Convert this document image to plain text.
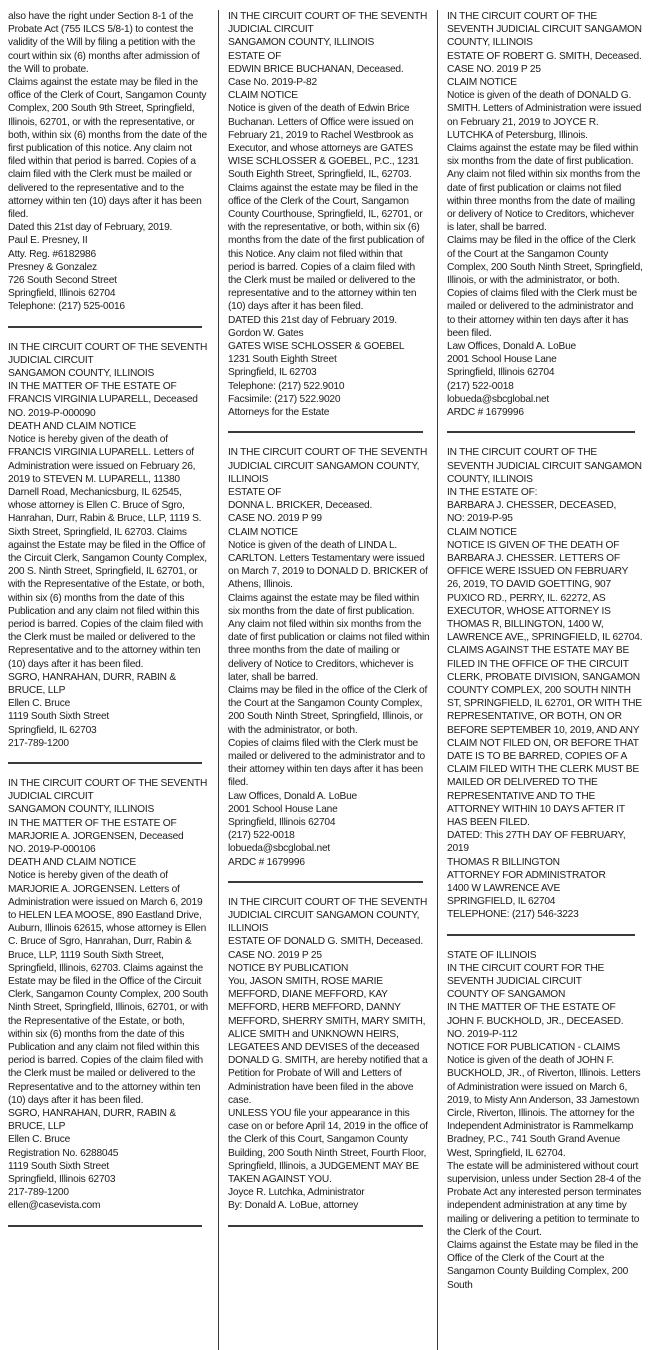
also have the right under Section 8-1 of the Probate Act (755 ILCS 5/8-1) to contest the validity of the Will by filing a petition with the court within six (6) months after admission of the Will to probate.

Claims against the estate may be filed in the office of the Clerk of Court, Sangamon County Complex, 200 South 9th Street, Springfield, Illinois, 62701, or with the representative, or both, within six (6) months from the date of the first publication of this notice. Any claim not filed within that period is barred. Copies of a claim filed with the Clerk must be mailed or delivered to the representative and to the attorney within ten (10) days after it has been filed.

Dated this 21st day of February, 2019.

Paul E. Presney, II

Atty. Reg. #6182986

Presney & Gonzalez

726 South Second Street

Springfield, Illinois 62704

Telephone: (217) 525-0016

IN THE CIRCUIT COURT OF THE SEVENTH JUDICIAL CIRCUIT

SANGAMON COUNTY, ILLINOIS

IN THE MATTER OF THE ESTATE OF

FRANCIS VIRGINIA LUPARELL, Deceased

NO. 2019-P-000090

DEATH AND CLAIM NOTICE

Notice is hereby given of the death of FRANCIS VIRGINIA LUPARELL. Letters of Administration were issued on February 26, 2019 to STEVEN M. LUPARELL, 11380 Darnell Road, Mechanicsburg, IL 62545, whose attorney is Ellen C. Bruce of Sgro, Hanrahan, Durr, Rabin & Bruce, LLP, 1119 S. Sixth Street, Springfield, IL 62703. Claims against the Estate may be filed in the Office of the Circuit Clerk, Sangamon County Complex, 200 S. Ninth Street, Springfield, IL 62701, or with the Representative of the Estate, or both, within six (6) months from the date of this Publication and any claim not filed within this period is barred. Copies of the claim filed with the Clerk must be mailed or delivered to the Representative and to the attorney within ten (10) days after it has been filed.

SGRO, HANRAHAN, DURR, RABIN & BRUCE, LLP

Ellen C. Bruce

1119 South Sixth Street

Springfield, IL 62703

217-789-1200

IN THE CIRCUIT COURT OF THE SEVENTH JUDICIAL CIRCUIT

SANGAMON COUNTY, ILLINOIS

IN THE MATTER OF THE ESTATE OF

MARJORIE A. JORGENSEN, Deceased

NO. 2019-P-000106

DEATH AND CLAIM NOTICE

Notice is hereby given of the death of MARJORIE A. JORGENSEN. Letters of Administration were issued on March 6, 2019 to HELEN LEA MOOSE, 890 Eastland Drive, Auburn, Illinois 62615, whose attorney is Ellen C. Bruce of Sgro, Hanrahan, Durr, Rabin & Bruce, LLP, 1119 South Sixth Street, Springfield, Illinois, 62703. Claims against the Estate may be filed in the Office of the Circuit Clerk, Sangamon County Complex, 200 South Ninth Street, Springfield, Illinois, 62701, or with the Representative of the Estate, or both, within six (6) months from the date of this Publication and any claim not filed within this period is barred. Copies of the claim filed with the Clerk must be mailed or delivered to the Representative and to the attorney within ten (10) days after it has been filed.

SGRO, HANRAHAN, DURR, RABIN & BRUCE, LLP

Ellen C. Bruce

Registration No. 6288045

1119 South Sixth Street

Springfield, Illinois 62703

217-789-1200

ellen@casevista.com

IN THE CIRCUIT COURT OF THE SEVENTH JUDICIAL CIRCUIT

SANGAMON COUNTY, ILLINOIS

ESTATE OF

EDWIN BRICE BUCHANAN, Deceased.

Case No. 2019-P-82

CLAIM NOTICE

Notice is given of the death of Edwin Brice Buchanan. Letters of Office were issued on February 21, 2019 to Rachel Westbrook as Executor, and whose attorneys are GATES WISE SCHLOSSER & GOEBEL, P.C., 1231 South Eighth Street, Springfield, IL, 62703. Claims against the estate may be filed in the office of the Clerk of the Court, Sangamon County Courthouse, Springfield, IL, 62701, or with the representative, or both, within six (6) months from the date of the first publication of this Notice. Any claim not filed within that period is barred. Copies of a claim filed with the Clerk must be mailed or delivered to the representative and to the attorney within ten (10) days after it has been filed.

DATED this 21st day of February 2019.

Gordon W. Gates

GATES WISE SCHLOSSER & GOEBEL

1231 South Eighth Street

Springfield, IL 62703

Telephone: (217) 522.9010

Facsimile: (217) 522.9020

Attorneys for the Estate

IN THE CIRCUIT COURT OF THE SEVENTH JUDICIAL CIRCUIT SANGAMON COUNTY, ILLINOIS

ESTATE OF

DONNA L. BRICKER, Deceased.

CASE NO. 2019 P 99

CLAIM NOTICE

Notice is given of the death of LINDA L. CARLTON. Letters Testamentary were issued on March 7, 2019 to DONALD D. BRICKER of Athens, Illinois.

Claims against the estate may be filed within six months from the date of first publication. Any claim not filed within six months from the date of first publication or claims not filed within three months from the date of mailing or delivery of Notice to Creditors, whichever is later, shall be barred.

Claims may be filed in the office of the Clerk of the Court at the Sangamon County Complex, 200 South Ninth Street, Springfield, Illinois, or with the administrator, or both.

Copies of claims filed with the Clerk must be mailed or delivered to the administrator and to their attorney within ten days after it has been filed.

Law Offices, Donald A. LoBue

2001 School House Lane

Springfield, Illinois 62704

(217) 522-0018

lobueda@sbcglobal.net

ARDC # 1679996

IN THE CIRCUIT COURT OF THE SEVENTH JUDICIAL CIRCUIT SANGAMON COUNTY, ILLINOIS

ESTATE OF DONALD G. SMITH, Deceased.

CASE NO. 2019 P 25

NOTICE BY PUBLICATION

You, JASON SMITH, ROSE MARIE MEFFORD, DIANE MEFFORD, KAY MEFFORD, HERB MEFFORD, DANNY MEFFORD, SHERRY SMITH, MARY SMITH, ALICE SMITH and UNKNOWN HEIRS, LEGATEES AND DEVISES of the deceased DONALD G. SMITH, are hereby notified that a Petition for Probate of Will and Letters of Administration have been filed in the above case.

UNLESS YOU file your appearance in this case on or before April 14, 2019 in the office of the Clerk of this Court, Sangamon County Building, 200 South Ninth Street, Fourth Floor, Springfield, Illinois, a JUDGEMENT MAY BE TAKEN AGAINST YOU.

Joyce R. Lutchka, Administrator

By: Donald A. LoBue, attorney

IN THE CIRCUIT COURT OF THE SEVENTH JUDICIAL CIRCUIT SANGAMON COUNTY, ILLINOIS

ESTATE OF ROBERT G. SMITH, Deceased.

CASE NO. 2019 P 25

CLAIM NOTICE

Notice is given of the death of DONALD G. SMITH. Letters of Administration were issued on February 21, 2019 to JOYCE R. LUTCHKA of Petersburg, Illinois.

Claims against the estate may be filed within six months from the date of first publication. Any claim not filed within six months from the date of first publication or claims not filed within three months from the date of mailing or delivery of Notice to Creditors, whichever is later, shall be barred.

Claims may be filed in the office of the Clerk of the Court at the Sangamon County Complex, 200 South Ninth Street, Springfield, Illinois, or with the administrator, or both.

Copies of claims filed with the Clerk must be mailed or delivered to the administrator and to their attorney within ten days after it has been filed.

Law Offices, Donald A. LoBue

2001 School House Lane

Springfield, Illinois 62704

(217) 522-0018

lobueda@sbcglobal.net

ARDC # 1679996

IN THE CIRCUIT COURT OF THE SEVENTH JUDICIAL CIRCUIT SANGAMON COUNTY, ILLINOIS

IN THE ESTATE OF:

BARBARA J. CHESSER, DECEASED,

NO: 2019-P-95

CLAIM NOTICE

NOTICE IS GIVEN OF THE DEATH OF BARBARA J. CHESSER. LETTERS OF OFFICE WERE ISSUED ON FEBRUARY 26, 2019, TO DAVID GOETTING, 907 PUXICO RD., PERRY, IL. 62272, AS EXECUTOR, WHOSE ATTORNEY IS THOMAS R, BILLINGTON, 1400 W, LAWRENCE AVE,, SPRINGFIELD, IL 62704.

CLAIMS AGAINST THE ESTATE MAY BE FILED IN THE OFFICE OF THE CIRCUIT CLERK, PROBATE DIVISION, SANGAMON COUNTY COMPLEX, 200 SOUTH NINTH ST, SPRINGFIELD, IL 62701, OR WITH THE REPRESENTATIVE, OR BOTH, ON OR BEFORE SEPTEMBER 10, 2019, AND ANY CLAIM NOT FILED ON, OR BEFORE THAT DATE IS TO BE BARRED, COPIES OF A CLAIM FILED WITH THE CLERK MUST BE MAILED OR DELIVERED TO THE REPRESENTATIVE AND TO THE ATTORNEY WITHIN 10 DAYS AFTER IT HAS BEEN FILED.

DATED: This 27TH DAY OF FEBRUARY, 2019

THOMAS R BILLINGTON

ATTORNEY FOR ADMINISTRATOR

1400 W LAWRENCE AVE

SPRINGFIELD, IL 62704

TELEPHONE: (217) 546-3223

STATE OF ILLINOIS

IN THE CIRCUIT COURT FOR THE SEVENTH JUDICIAL CIRCUIT

COUNTY OF SANGAMON

IN THE MATTER OF THE ESTATE OF

JOHN F. BUCKHOLD, JR., DECEASED.

NO. 2019-P-112

NOTICE FOR PUBLICATION - CLAIMS

Notice is given of the death of JOHN F. BUCKHOLD, JR., of Riverton, Illinois. Letters of Administration were issued on March 6, 2019, to Misty Ann Anderson, 33 Jamestown Circle, Riverton, Illinois. The attorney for the Independent Administrator is Rammelkamp Bradney, P.C., 741 South Grand Avenue West, Springfield, IL 62704.

The estate will be administered without court supervision, unless under Section 28-4 of the Probate Act any interested person terminates independent administration at any time by mailing or delivering a petition to terminate to the Clerk of the Court.

Claims against the Estate may be filed in the Office of the Clerk of the Court at the Sangamon County Building Complex, 200 South
